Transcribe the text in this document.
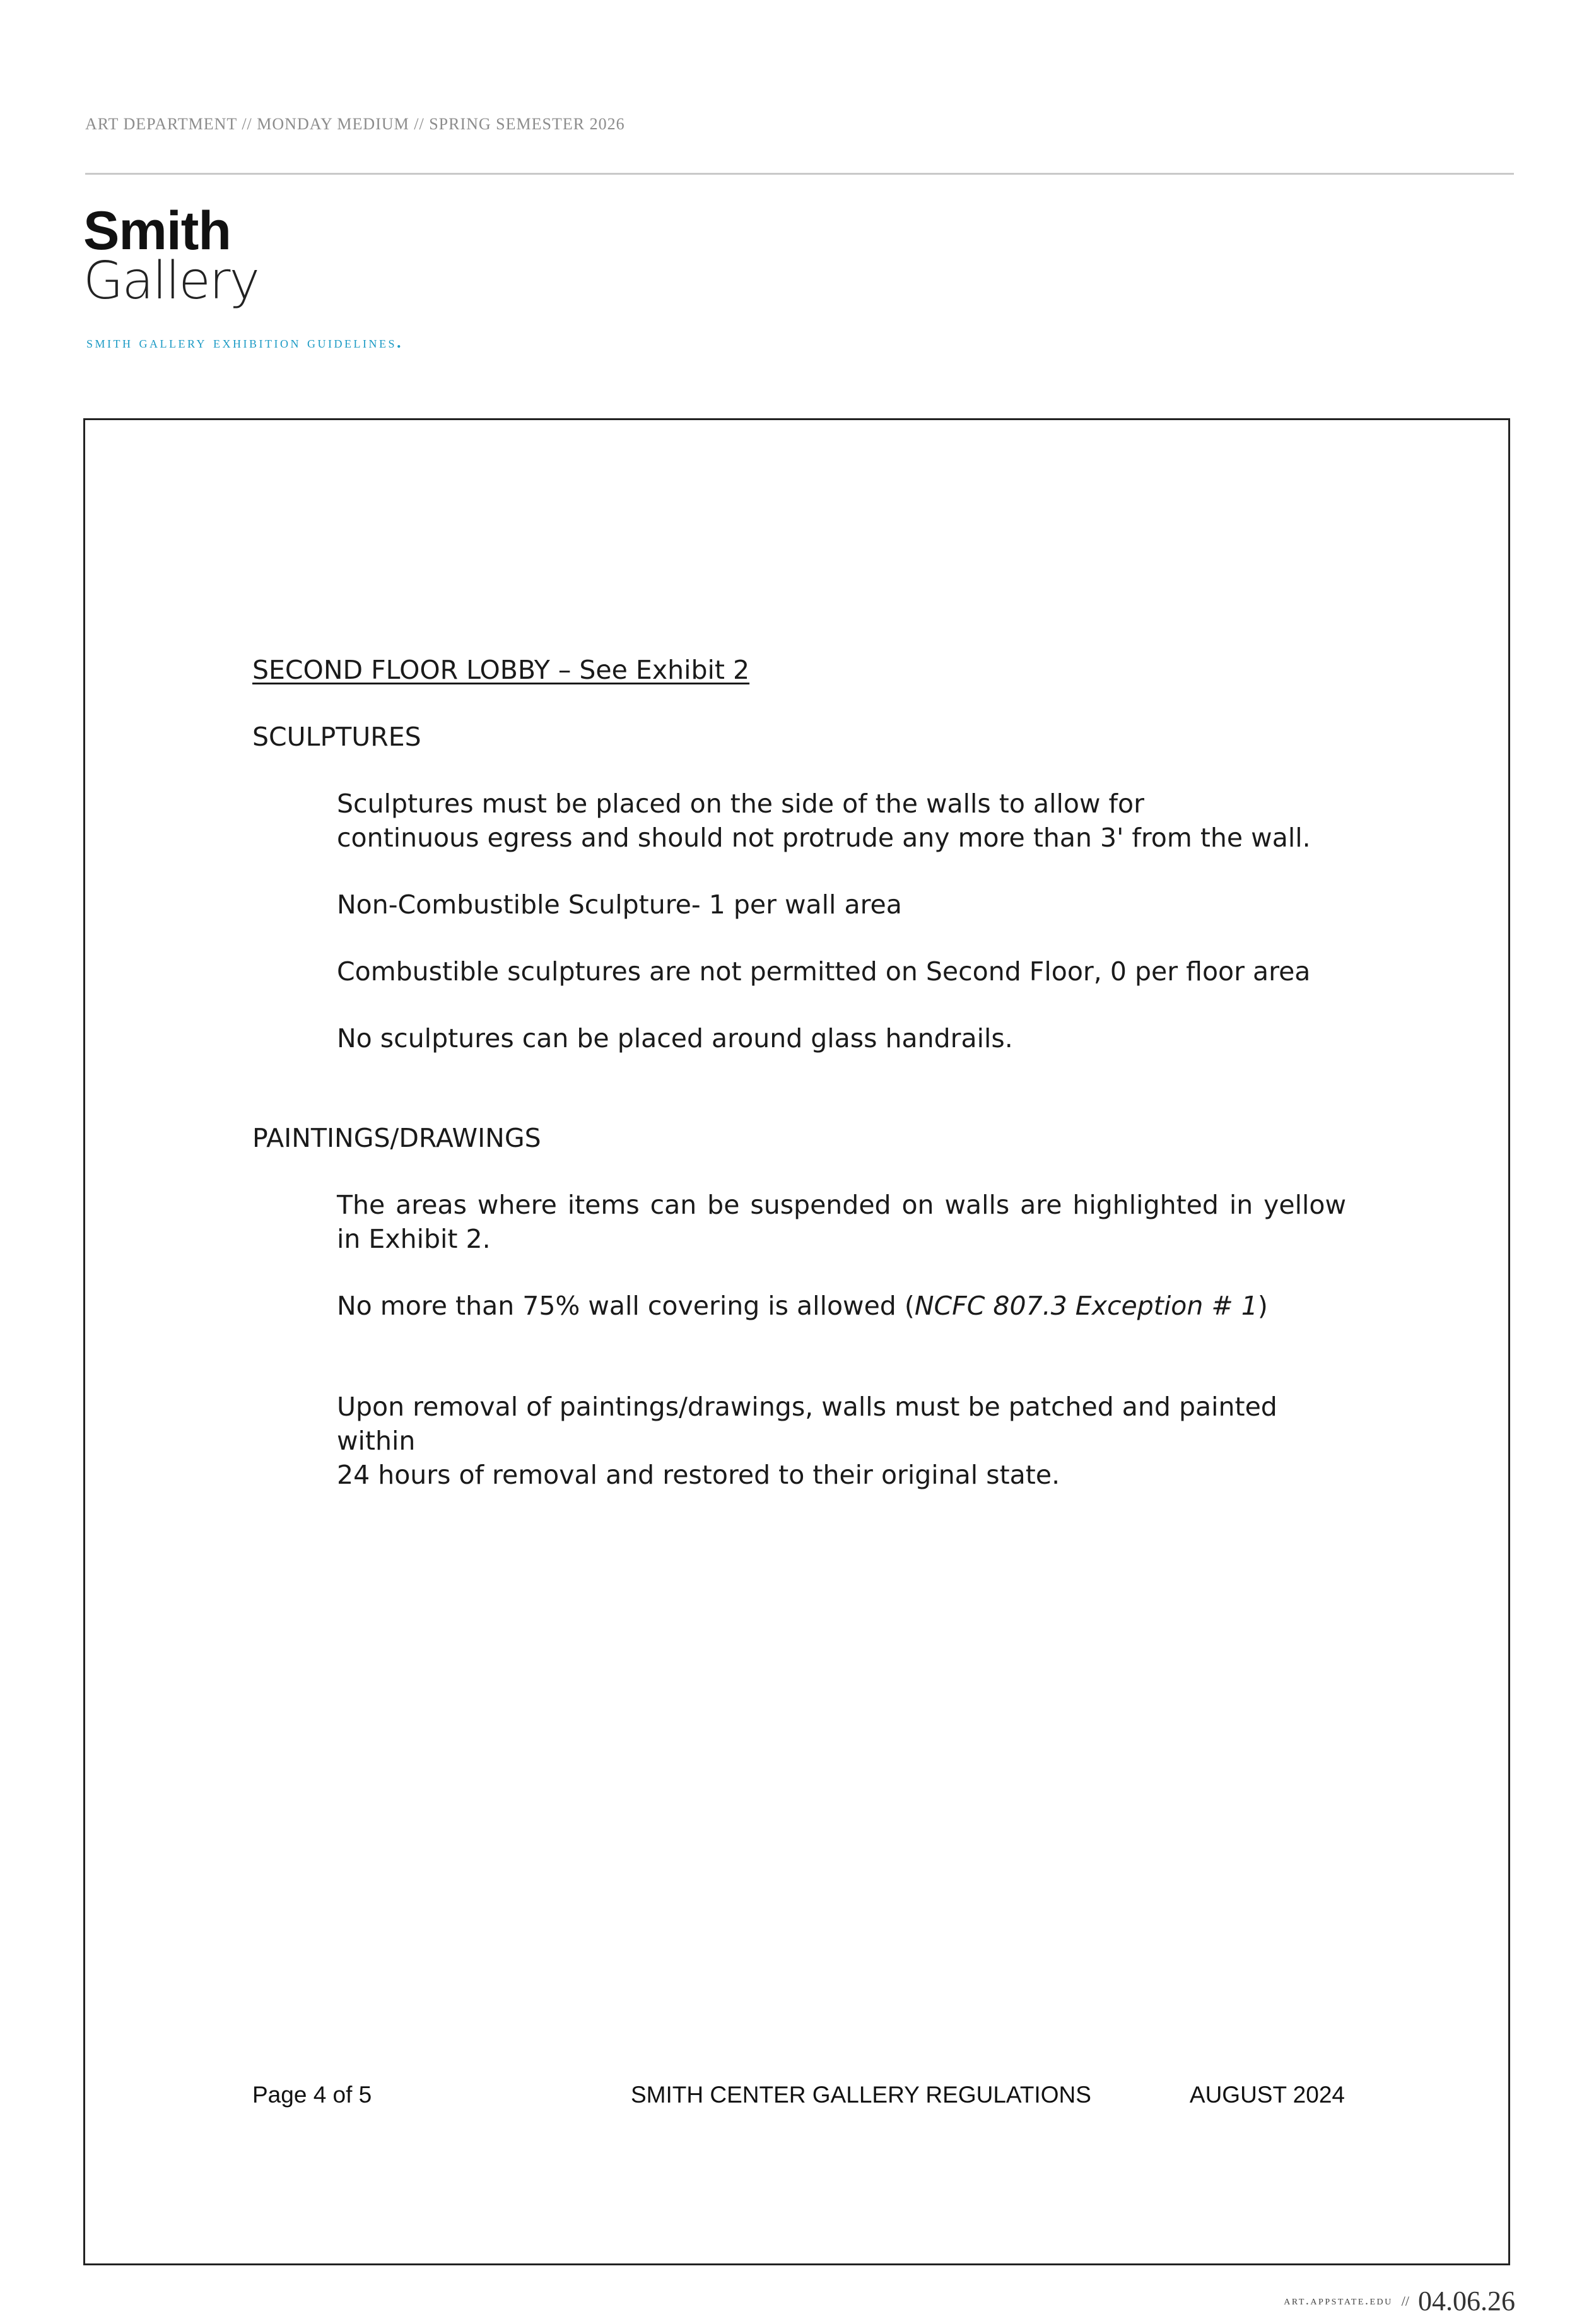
ART DEPARTMENT // MONDAY MEDIUM // SPRING SEMESTER 2026
Smith
Gallery
smith gallery exhibition guidelines.

SECOND FLOOR LOBBY – See Exhibit 2

SCULPTURES

Sculptures must be placed on the side of the walls to allow for

continuous egress and should not protrude any more than 3' from the wall.

Non-Combustible Sculpture- 1 per wall area

Combustible sculptures are not permitted on Second Floor, 0 per floor area

No sculptures can be placed around glass handrails.

PAINTINGS/DRAWINGS

The areas where items can be suspended on walls are highlighted in yellow in Exhibit 2.

No more than 75% wall covering is allowed (NCFC 807.3 Exception # 1)

Upon removal of paintings/drawings, walls must be patched and painted within

24 hours of removal and restored to their original state.

Page 4 of 5	SMITH CENTER GALLERY REGULATIONS	AUGUST 2024
art.appstate.edu // 04.06.26
